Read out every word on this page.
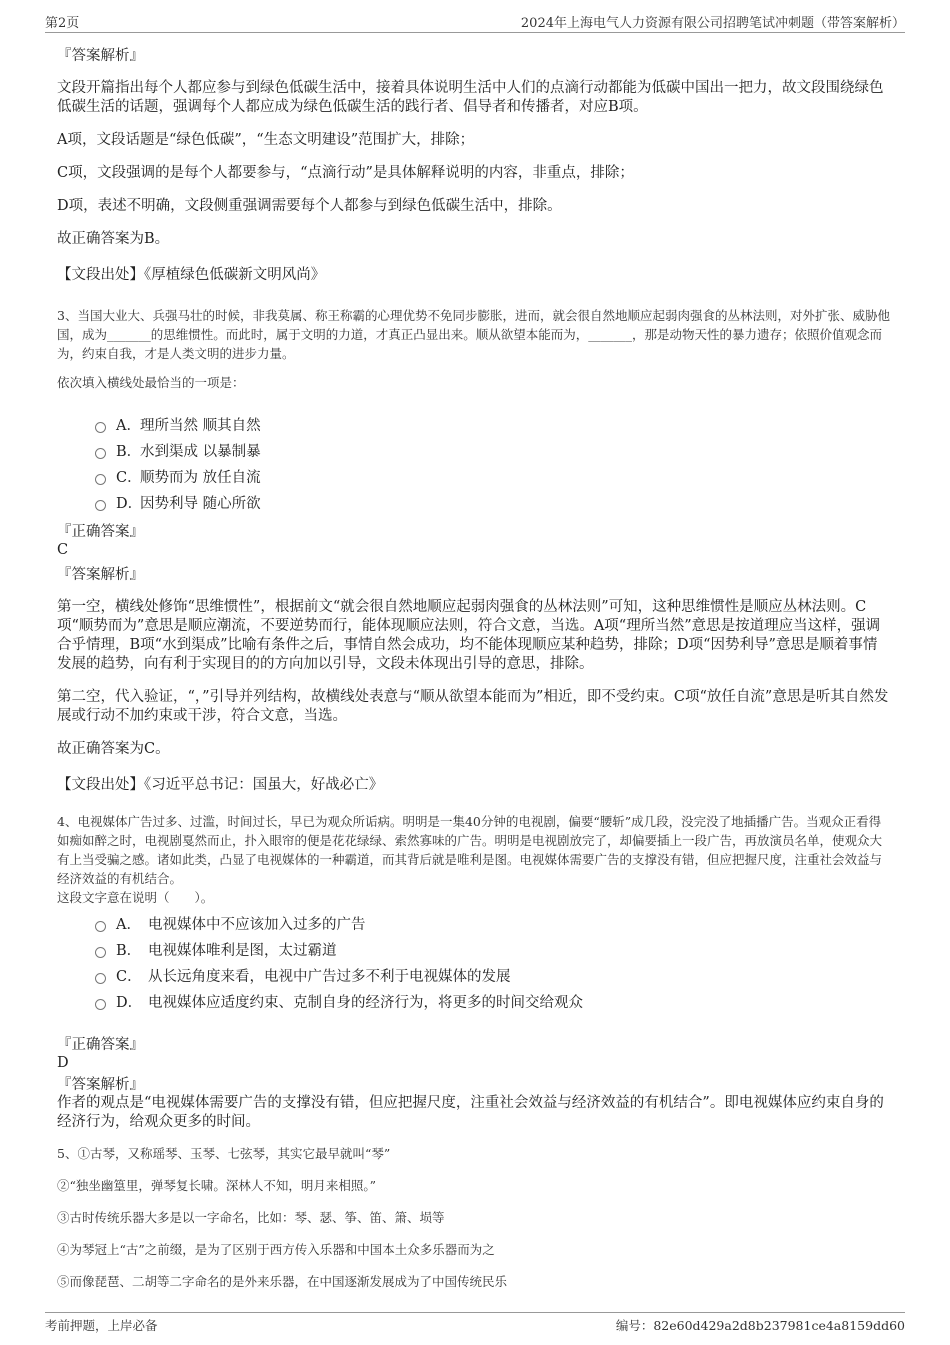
第2页	2024年上海电气人力资源有限公司招聘笔试冲刺题（带答案解析）

『答案解析』

文段开篇指出每个人都应参与到绿色低碳生活中，接着具体说明生活中人们的点滴行动都能为低碳中国出一把力，故文段围绕绿色低碳生活的话题，强调每个人都应成为绿色低碳生活的践行者、倡导者和传播者，对应B项。

A项，文段话题是“绿色低碳”，“生态文明建设”范围扩大，排除；

C项，文段强调的是每个人都要参与，“点滴行动”是具体解释说明的内容，非重点，排除；

D项，表述不明确，文段侧重强调需要每个人都参与到绿色低碳生活中，排除。

故正确答案为B。

【文段出处】《厚植绿色低碳新文明风尚》

3、当国大业大、兵强马壮的时候，非我莫属、称王称霸的心理优势不免同步膨胀，进而，就会很自然地顺应起弱肉强食的丛林法则，对外扩张、威胁他国，成为_______的思维惯性。而此时，属于文明的力道，才真正凸显出来。顺从欲望本能而为，_______，那是动物天性的暴力遗存；依照价值观念而为，约束自我，才是人类文明的进步力量。

依次填入横线处最恰当的一项是：

A． 理所当然 顺其自然
B．
水到渠成 以暴制暴
C．
顺势而为 放任自流
D．
因势利导 随心所欲

『正确答案』

C

『答案解析』

第一空，横线处修饰“思维惯性”，根据前文“就会很自然地顺应起弱肉强食的丛林法则”可知，这种思维惯性是顺应丛林法则。C项“顺势而为”意思是顺应潮流，不要逆势而行，能体现顺应法则，符合文意，当选。A项“理所当然”意思是按道理应当这样，强调合乎情理，B项“水到渠成”比喻有条件之后，事情自然会成功，均不能体现顺应某种趋势，排除；D项“因势利导”意思是顺着事情发展的趋势，向有利于实现目的的方向加以引导，文段未体现出引导的意思，排除。

第二空，代入验证，“，”引导并列结构，故横线处表意与“顺从欲望本能而为”相近，即不受约束。C项“放任自流”意思是听其自然发展或行动不加约束或干涉，符合文意，当选。

故正确答案为C。

【文段出处】《习近平总书记：国虽大，好战必亡》

4、电视媒体广告过多、过滥，时间过长，早已为观众所诟病。明明是一集40分钟的电视剧，偏要“腰斩”成几段，没完没了地插播广告。当观众正看得如痴如醉之时，电视剧戛然而止，扑入眼帘的便是花花绿绿、索然寡味的广告。明明是电视剧放完了，却偏要插上一段广告，再放演员名单，使观众大有上当受骗之感。诸如此类，凸显了电视媒体的一种霸道，而其背后就是唯利是图。电视媒体需要广告的支撑没有错，但应把握尺度，注重社会效益与经济效益的有机结合。

这段文字意在说明（　　）。

A． 电视媒体中不应该加入过多的广告
B． 电视媒体唯利是图，太过霸道
C． 从长远角度来看，电视中广告过多不利于电视媒体的发展
D． 电视媒体应适度约束、克制自身的经济行为，将更多的时间交给观众

『正确答案』

D

『答案解析』

作者的观点是“电视媒体需要广告的支撑没有错，但应把握尺度，注重社会效益与经济效益的有机结合”。即电视媒体应约束自身的经济行为，给观众更多的时间。

5、①古琴，又称瑶琴、玉琴、七弦琴，其实它最早就叫“琴”

②“独坐幽篁里，弹琴复长啸。深林人不知，明月来相照。”

③古时传统乐器大多是以一字命名，比如：琴、瑟、筝、笛、箫、埙等

④为琴冠上“古”之前缀，是为了区别于西方传入乐器和中国本土众多乐器而为之

⑤而像琵琶、二胡等二字命名的是外来乐器，在中国逐渐发展成为了中国传统民乐

考前押题，上岸必备	编号：82e60d429a2d8b237981ce4a8159dd60
